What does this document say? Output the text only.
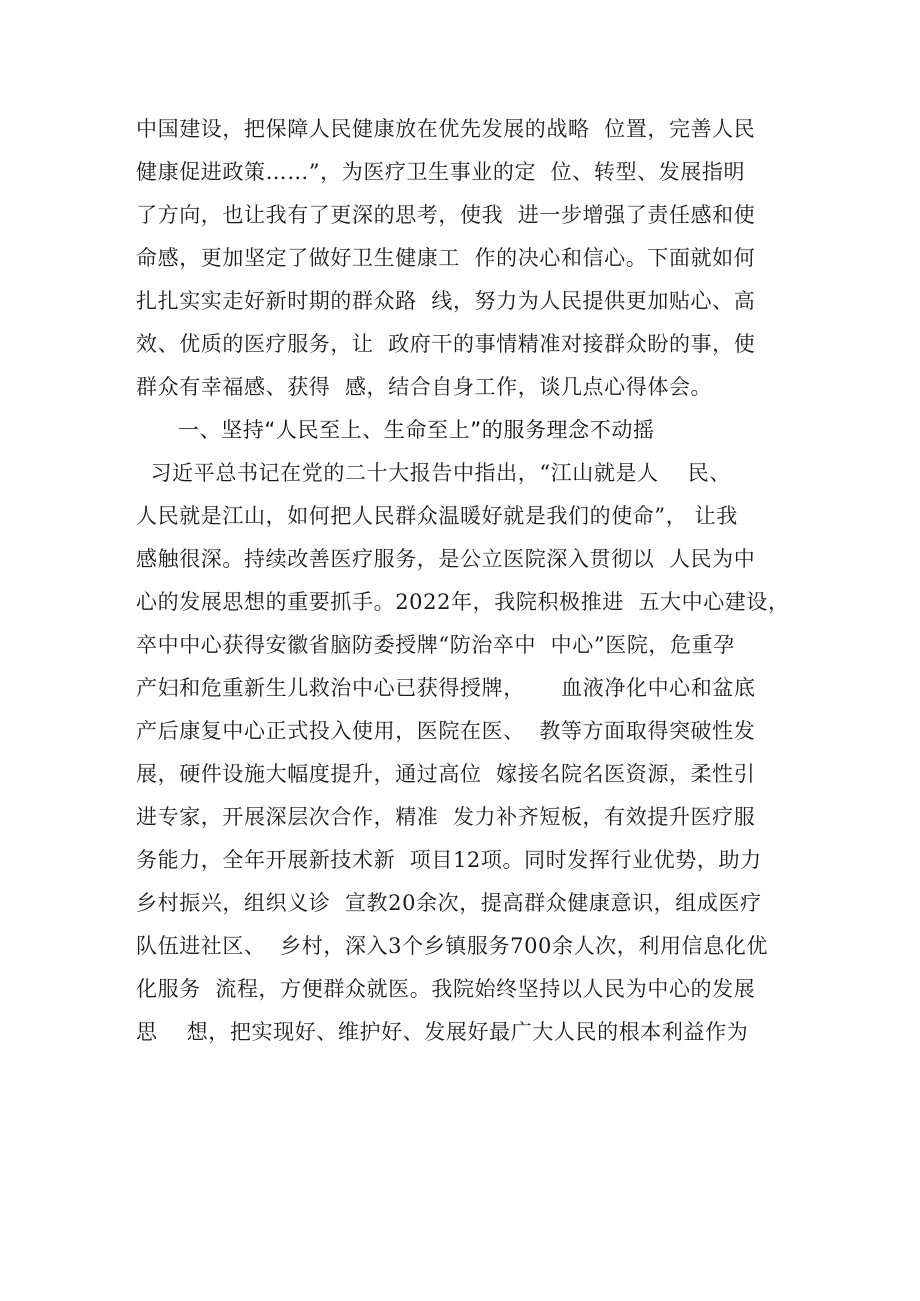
中国建设，把保障人民健康放在优先发展的战略  位置，完善人民
健康促进政策……”，为医疗卫生事业的定  位、转型、发展指明
了方向，也让我有了更深的思考，使我  进一步增强了责任感和使
命感，更加坚定了做好卫生健康工  作的决心和信心。下面就如何
扎扎实实走好新时期的群众路  线，努力为人民提供更加贴心、高
效、优质的医疗服务，让  政府干的事情精准对接群众盼的事，使
群众有幸福感、获得  感，结合自身工作，谈几点心得体会。
一、坚持“人民至上、生命至上”的服务理念不动摇
习近平总书记在党的二十大报告中指出，“江山就是人    民、
人民就是江山，如何把人民群众温暖好就是我们的使命”， 让我
感触很深。持续改善医疗服务，是公立医院深入贯彻以  人民为中
心的发展思想的重要抓手。2022年，我院积极推进  五大中心建设，
卒中中心获得安徽省脑防委授牌“防治卒中  中心”医院，危重孕
产妇和危重新生儿救治中心已获得授牌，     血液净化中心和盆底
产后康复中心正式投入使用，医院在医、  教等方面取得突破性发
展，硬件设施大幅度提升，通过高位  嫁接名院名医资源，柔性引
进专家，开展深层次合作，精准  发力补齐短板，有效提升医疗服
务能力，全年开展新技术新  项目12项。同时发挥行业优势，助力
乡村振兴，组织义诊  宣教20余次，提高群众健康意识，组成医疗
队伍进社区、  乡村，深入3个乡镇服务700余人次，利用信息化优
化服务  流程，方便群众就医。我院始终坚持以人民为中心的发展
思    想，把实现好、维护好、发展好最广大人民的根本利益作为
